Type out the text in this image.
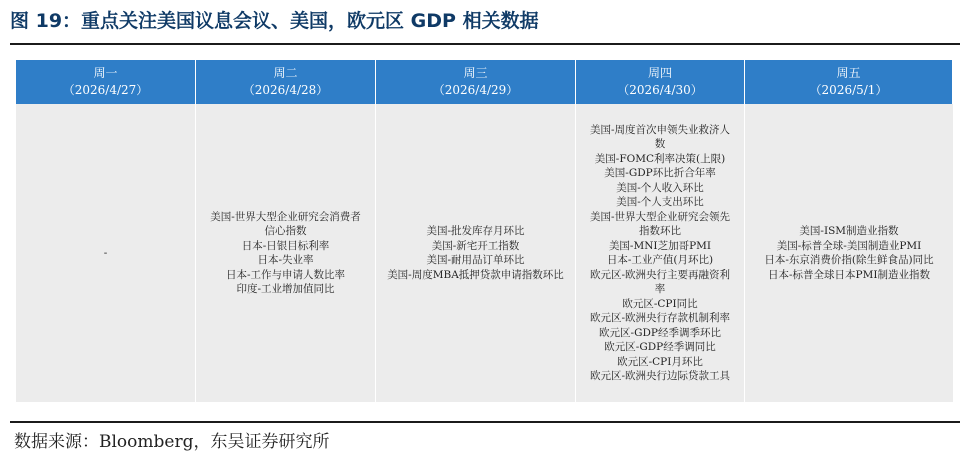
图 19：重点关注美国议息会议、美国，欧元区 GDP 相关数据
周一
（2026/4/27）
周二
（2026/4/28）
周三
（2026/4/29）
周四
（2026/4/30）
周五
（2026/5/1）
-
美国-世界大型企业研究会消费者信心指数
日本-日银目标利率
日本-失业率
日本-工作与申请人数比率
印度-工业增加值同比
美国-批发库存月环比
美国-新宅开工指数
美国-耐用品订单环比
美国-周度MBA抵押贷款申请指数环比
美国-周度首次申领失业救济人数
美国-FOMC利率决策(上限)
美国-GDP环比折合年率
美国-个人收入环比
美国-个人支出环比
美国-世界大型企业研究会领先指数环比
美国-MNI芝加哥PMI
日本-工业产值(月环比)
欧元区-欧洲央行主要再融资利率
欧元区-CPI同比
欧元区-欧洲央行存款机制利率
欧元区-GDP经季调季环比
欧元区-GDP经季调同比
欧元区-CPI月环比
欧元区-欧洲央行边际贷款工具
美国-ISM制造业指数
美国-标普全球-美国制造业PMI
日本-东京消费价指(除生鲜食品)同比
日本-标普全球日本PMI制造业指数
数据来源：Bloomberg，东吴证券研究所
